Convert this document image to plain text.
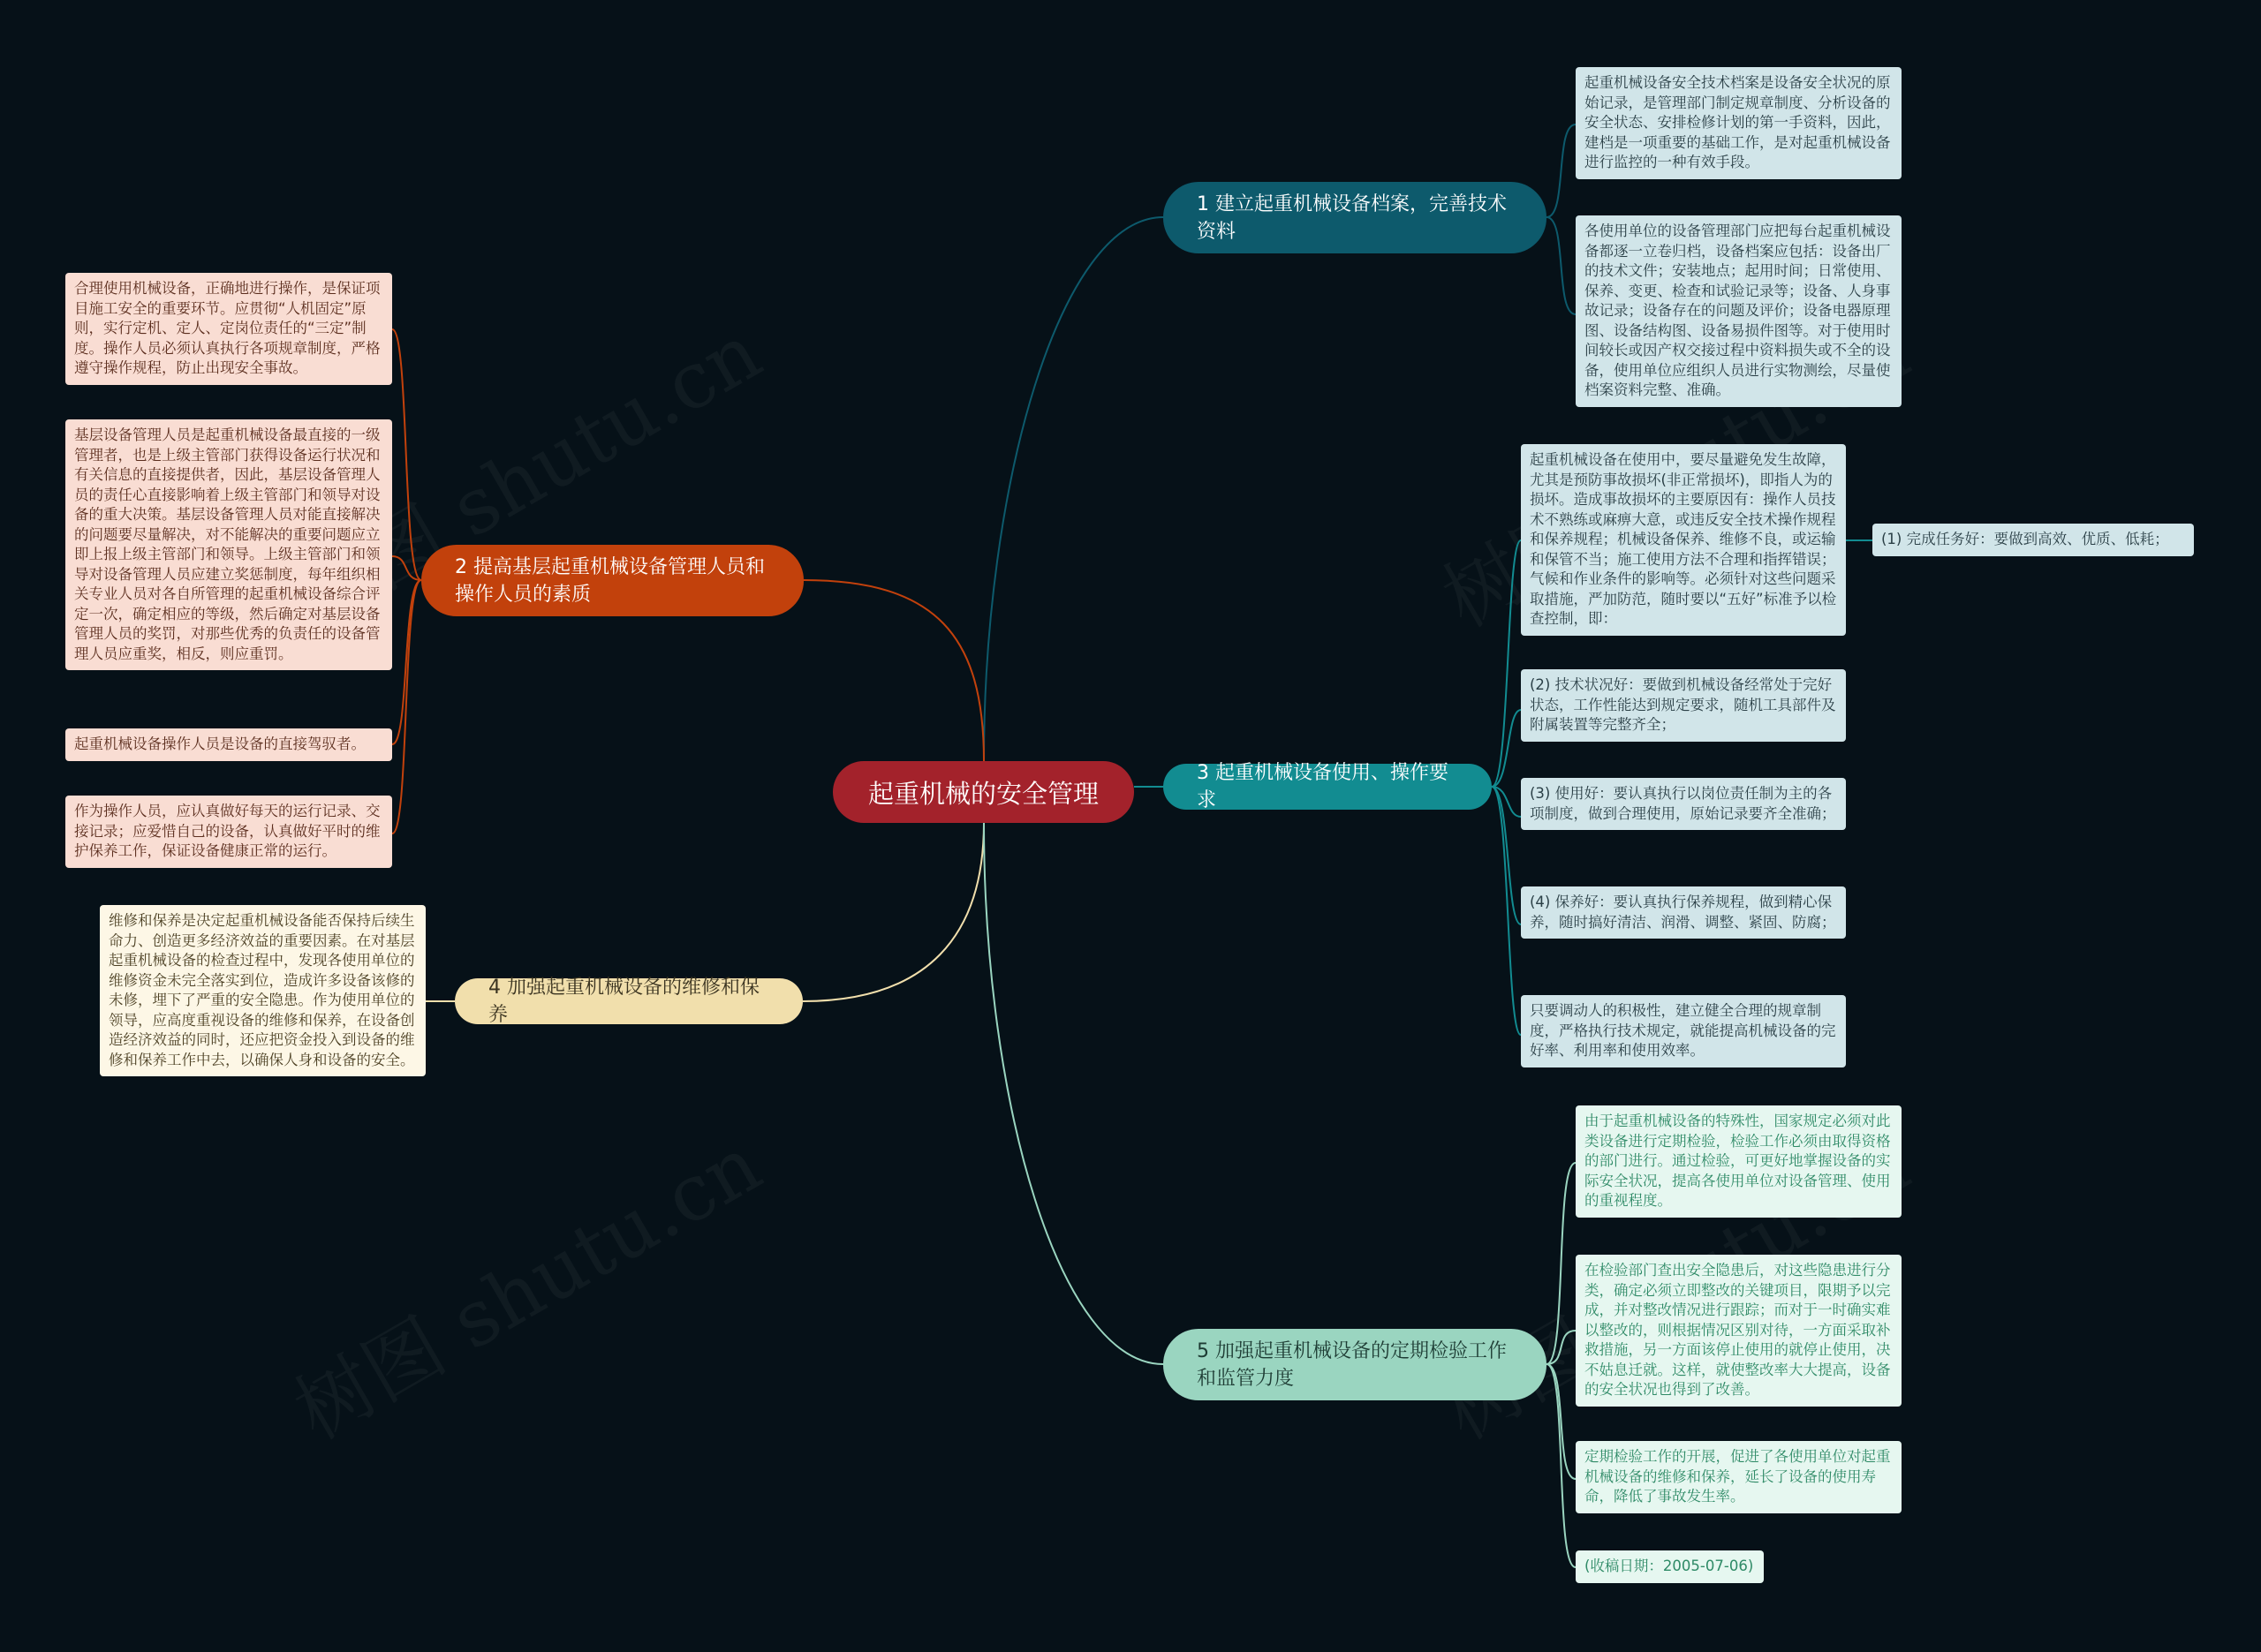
起重机械的安全管理
1 建立起重机械设备档案，完善技术资料
2 提高基层起重机械设备管理人员和操作人员的素质
3 起重机械设备使用、操作要求
4 加强起重机械设备的维修和保养
5 加强起重机械设备的定期检验工作和监管力度
起重机械设备安全技术档案是设备安全状况的原始记录，是管理部门制定规章制度、分析设备的安全状态、安排检修计划的第一手资料，因此，建档是一项重要的基础工作，是对起重机械设备进行监控的一种有效手段。
各使用单位的设备管理部门应把每台起重机械设备都逐一立卷归档，设备档案应包括：设备出厂的技术文件；安装地点；起用时间；日常使用、保养、变更、检查和试验记录等；设备、人身事故记录；设备存在的问题及评价；设备电器原理图、设备结构图、设备易损件图等。对于使用时间较长或因产权交接过程中资料损失或不全的设备，使用单位应组织人员进行实物测绘，尽量使档案资料完整、准确。
合理使用机械设备，正确地进行操作，是保证项目施工安全的重要环节。应贯彻“人机固定”原则，实行定机、定人、定岗位责任的“三定”制度。操作人员必须认真执行各项规章制度，严格遵守操作规程，防止出现安全事故。
基层设备管理人员是起重机械设备最直接的一级管理者，也是上级主管部门获得设备运行状况和有关信息的直接提供者，因此，基层设备管理人员的责任心直接影响着上级主管部门和领导对设备的重大决策。基层设备管理人员对能直接解决的问题要尽量解决，对不能解决的重要问题应立即上报上级主管部门和领导。上级主管部门和领导对设备管理人员应建立奖惩制度，每年组织相关专业人员对各自所管理的起重机械设备综合评定一次，确定相应的等级，然后确定对基层设备管理人员的奖罚，对那些优秀的负责任的设备管理人员应重奖，相反，则应重罚。
起重机械设备操作人员是设备的直接驾驭者。
作为操作人员，应认真做好每天的运行记录、交接记录；应爱惜自己的设备，认真做好平时的维护保养工作，保证设备健康正常的运行。
起重机械设备在使用中，要尽量避免发生故障，尤其是预防事故损坏(非正常损坏)，即指人为的损坏。造成事故损坏的主要原因有：操作人员技术不熟练或麻痹大意，或违反安全技术操作规程和保养规程；机械设备保养、维修不良，或运输和保管不当；施工使用方法不合理和指挥错误；气候和作业条件的影响等。必须针对这些问题采取措施，严加防范，随时要以“五好”标准予以检查控制，即：
(2) 技术状况好：要做到机械设备经常处于完好状态，工作性能达到规定要求，随机工具部件及附属装置等完整齐全；
(3) 使用好：要认真执行以岗位责任制为主的各项制度，做到合理使用，原始记录要齐全准确；
(4) 保养好：要认真执行保养规程，做到精心保养，随时搞好清洁、润滑、调整、紧固、防腐；
只要调动人的积极性，建立健全合理的规章制度，严格执行技术规定，就能提高机械设备的完好率、利用率和使用效率。
(1) 完成任务好：要做到高效、优质、低耗；
维修和保养是决定起重机械设备能否保持后续生命力、创造更多经济效益的重要因素。在对基层起重机械设备的检查过程中，发现各使用单位的维修资金未完全落实到位，造成许多设备该修的未修，埋下了严重的安全隐患。作为使用单位的领导，应高度重视设备的维修和保养，在设备创造经济效益的同时，还应把资金投入到设备的维修和保养工作中去，以确保人身和设备的安全。
由于起重机械设备的特殊性，国家规定必须对此类设备进行定期检验，检验工作必须由取得资格的部门进行。通过检验，可更好地掌握设备的实际安全状况，提高各使用单位对设备管理、使用的重视程度。
在检验部门查出安全隐患后，对这些隐患进行分类，确定必须立即整改的关键项目，限期予以完成，并对整改情况进行跟踪；而对于一时确实难以整改的，则根据情况区别对待，一方面采取补救措施，另一方面该停止使用的就停止使用，决不姑息迁就。这样，就使整改率大大提高，设备的安全状况也得到了改善。
定期检验工作的开展，促进了各使用单位对起重机械设备的维修和保养，延长了设备的使用寿命，降低了事故发生率。
(收稿日期：2005-07-06)
